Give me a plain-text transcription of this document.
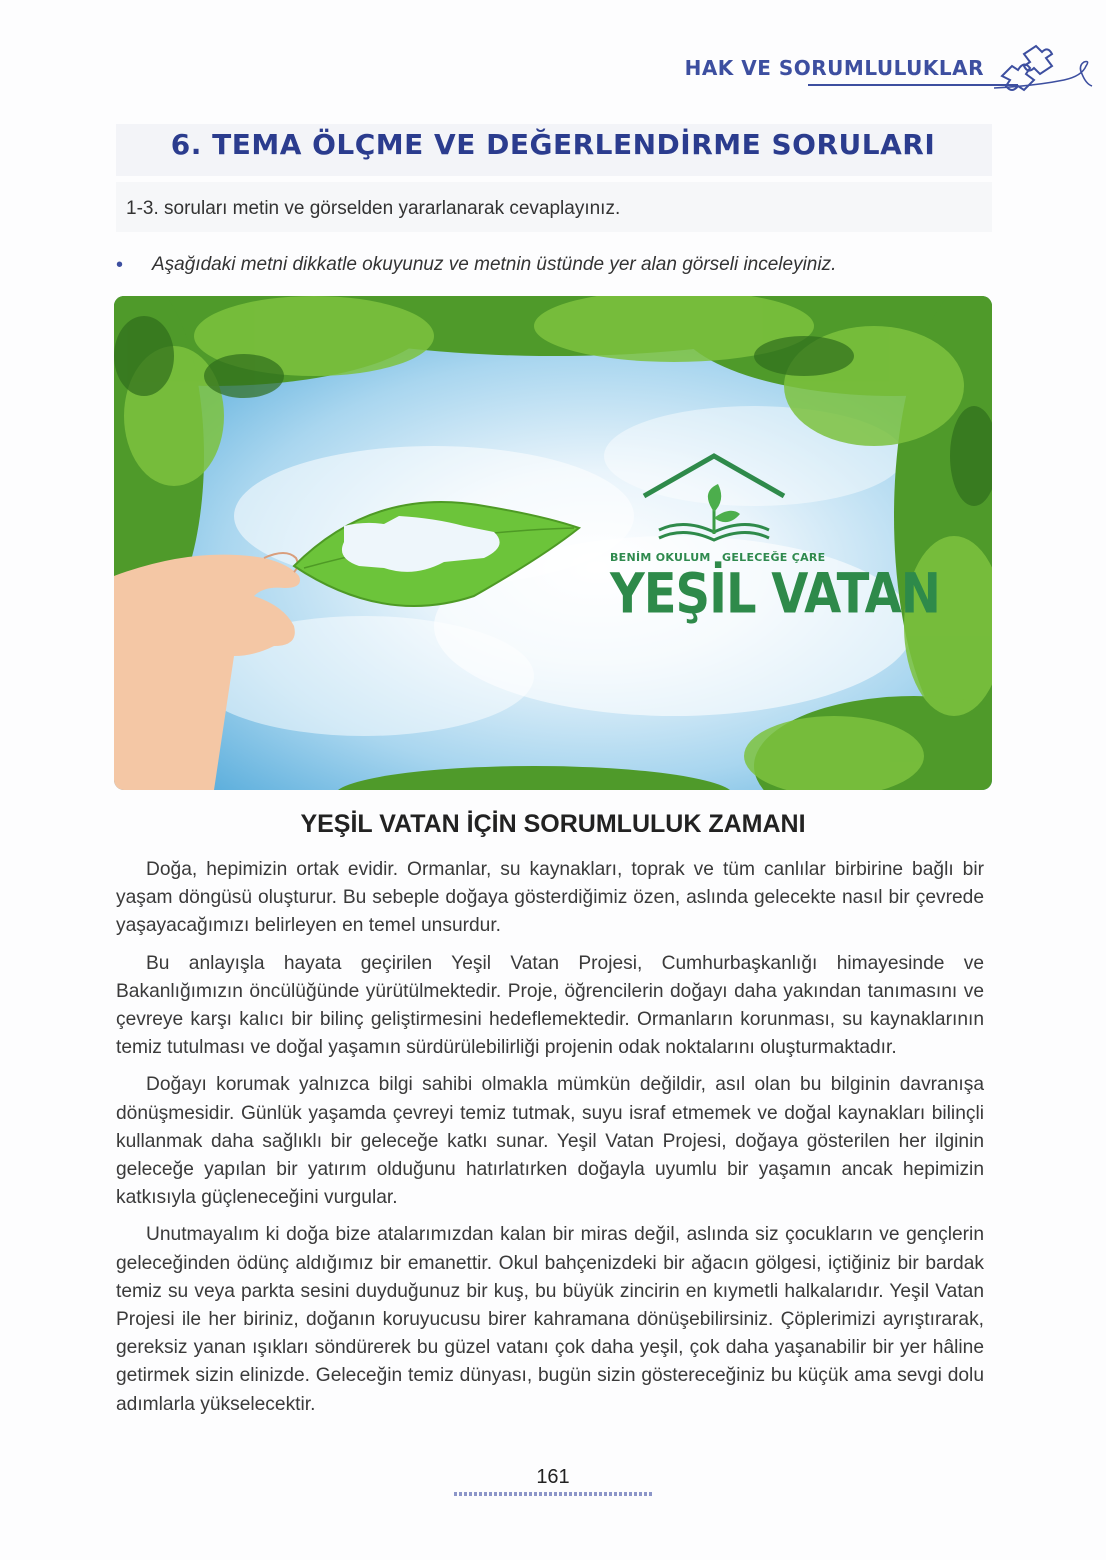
HAK VE SORUMLULUKLAR
6. TEMA ÖLÇME VE DEĞERLENDİRME SORULARI
1-3. soruları metin ve görselden yararlanarak cevaplayınız.
• Aşağıdaki metni dikkatle okuyunuz ve metnin üstünde yer alan görseli inceleyiniz.
BENİM OKULUM GELECEĞE ÇARE
YEŞİL VATAN
YEŞİL VATAN İÇİN SORUMLULUK ZAMANI

Doğa, hepimizin ortak evidir. Ormanlar, su kaynakları, toprak ve tüm canlılar birbirine bağlı bir yaşam döngüsü oluşturur. Bu sebeple doğaya gösterdiğimiz özen, aslında gelecekte nasıl bir çevrede yaşayacağımızı belirleyen en temel unsurdur.

Bu anlayışla hayata geçirilen Yeşil Vatan Projesi, Cumhurbaşkanlığı himayesinde ve Bakanlığımızın öncülüğünde yürütülmektedir. Proje, öğrencilerin doğayı daha yakından tanımasını ve çevreye karşı kalıcı bir bilinç geliştirmesini hedeflemektedir. Ormanların korunması, su kaynaklarının temiz tutulması ve doğal yaşamın sürdürülebilirliği projenin odak noktalarını oluşturmaktadır.

Doğayı korumak yalnızca bilgi sahibi olmakla mümkün değildir, asıl olan bu bilginin davranışa dönüşmesidir. Günlük yaşamda çevreyi temiz tutmak, suyu israf etmemek ve doğal kaynakları bilinçli kullanmak daha sağlıklı bir geleceğe katkı sunar. Yeşil Vatan Projesi, doğaya gösterilen her ilginin geleceğe yapılan bir yatırım olduğunu hatırlatırken doğayla uyumlu bir yaşamın ancak hepimizin katkısıyla güçleneceğini vurgular.

Unutmayalım ki doğa bize atalarımızdan kalan bir miras değil, aslında siz çocukların ve gençlerin geleceğinden ödünç aldığımız bir emanettir. Okul bahçenizdeki bir ağacın gölgesi, içtiğiniz bir bardak temiz su veya parkta sesini duyduğunuz bir kuş, bu büyük zincirin en kıymetli halkalarıdır. Yeşil Vatan Projesi ile her biriniz, doğanın koruyucusu birer kahramana dönüşebilirsiniz. Çöplerimizi ayrıştırarak, gereksiz yanan ışıkları söndürerek bu güzel vatanı çok daha yeşil, çok daha yaşanabilir bir yer hâline getirmek sizin elinizde. Geleceğin temiz dünyası, bugün sizin göstereceğiniz bu küçük ama sevgi dolu adımlarla yükselecektir.

161
